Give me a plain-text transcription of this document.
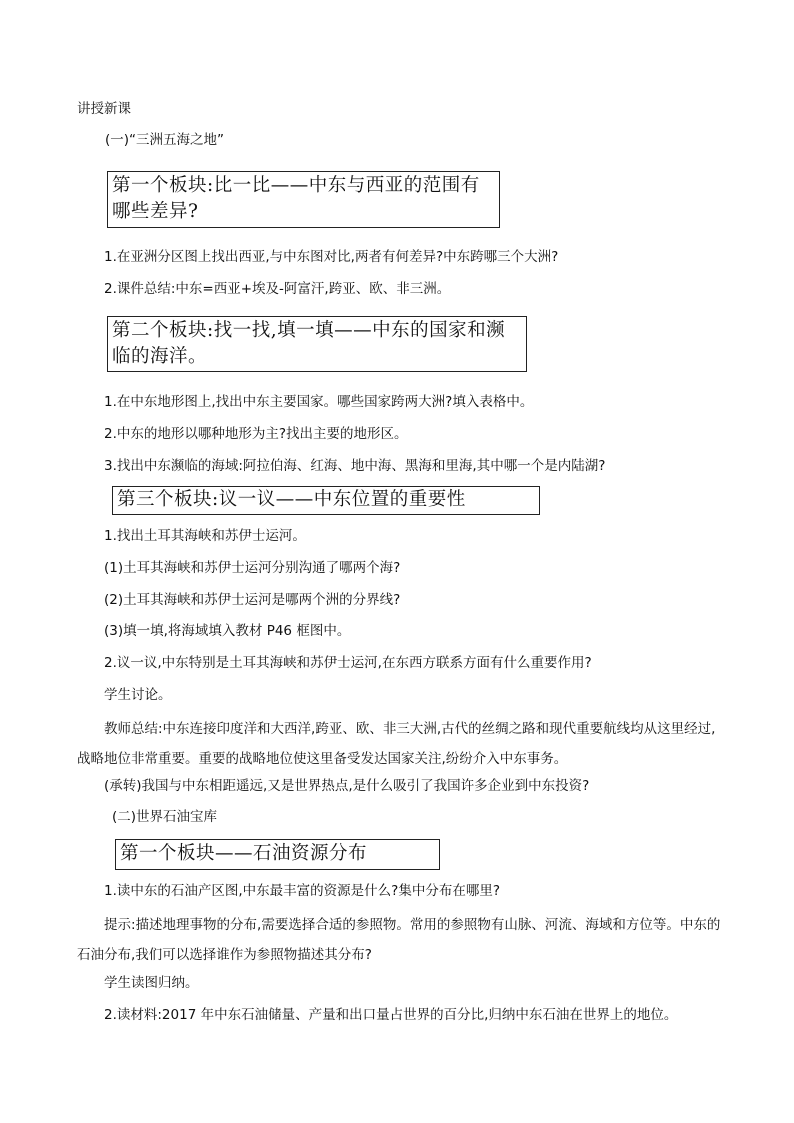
讲授新课
(一)“三洲五海之地”
第一个板块:比一比——中东与西亚的范围有哪些差异?
1.在亚洲分区图上找出西亚,与中东图对比,两者有何差异?中东跨哪三个大洲?
2.课件总结:中东=西亚+埃及-阿富汗,跨亚、欧、非三洲。
第二个板块:找一找,填一填——中东的国家和濒临的海洋。
1.在中东地形图上,找出中东主要国家。哪些国家跨两大洲?填入表格中。
2.中东的地形以哪种地形为主?找出主要的地形区。
3.找出中东濒临的海域:阿拉伯海、红海、地中海、黑海和里海,其中哪一个是内陆湖?
第三个板块:议一议——中东位置的重要性
1.找出土耳其海峡和苏伊士运河。
(1)土耳其海峡和苏伊士运河分别沟通了哪两个海?
(2)土耳其海峡和苏伊士运河是哪两个洲的分界线?
(3)填一填,将海域填入教材 P46 框图中。
2.议一议,中东特别是土耳其海峡和苏伊士运河,在东西方联系方面有什么重要作用?
学生讨论。
教师总结:中东连接印度洋和大西洋,跨亚、欧、非三大洲,古代的丝绸之路和现代重要航线均从这里经过,战略地位非常重要。重要的战略地位使这里备受发达国家关注,纷纷介入中东事务。
(承转)我国与中东相距遥远,又是世界热点,是什么吸引了我国许多企业到中东投资?
(二)世界石油宝库
第一个板块——石油资源分布
1.读中东的石油产区图,中东最丰富的资源是什么?集中分布在哪里?
提示:描述地理事物的分布,需要选择合适的参照物。常用的参照物有山脉、河流、海域和方位等。中东的石油分布,我们可以选择谁作为参照物描述其分布?
学生读图归纳。
2.读材料:2017 年中东石油储量、产量和出口量占世界的百分比,归纳中东石油在世界上的地位。
